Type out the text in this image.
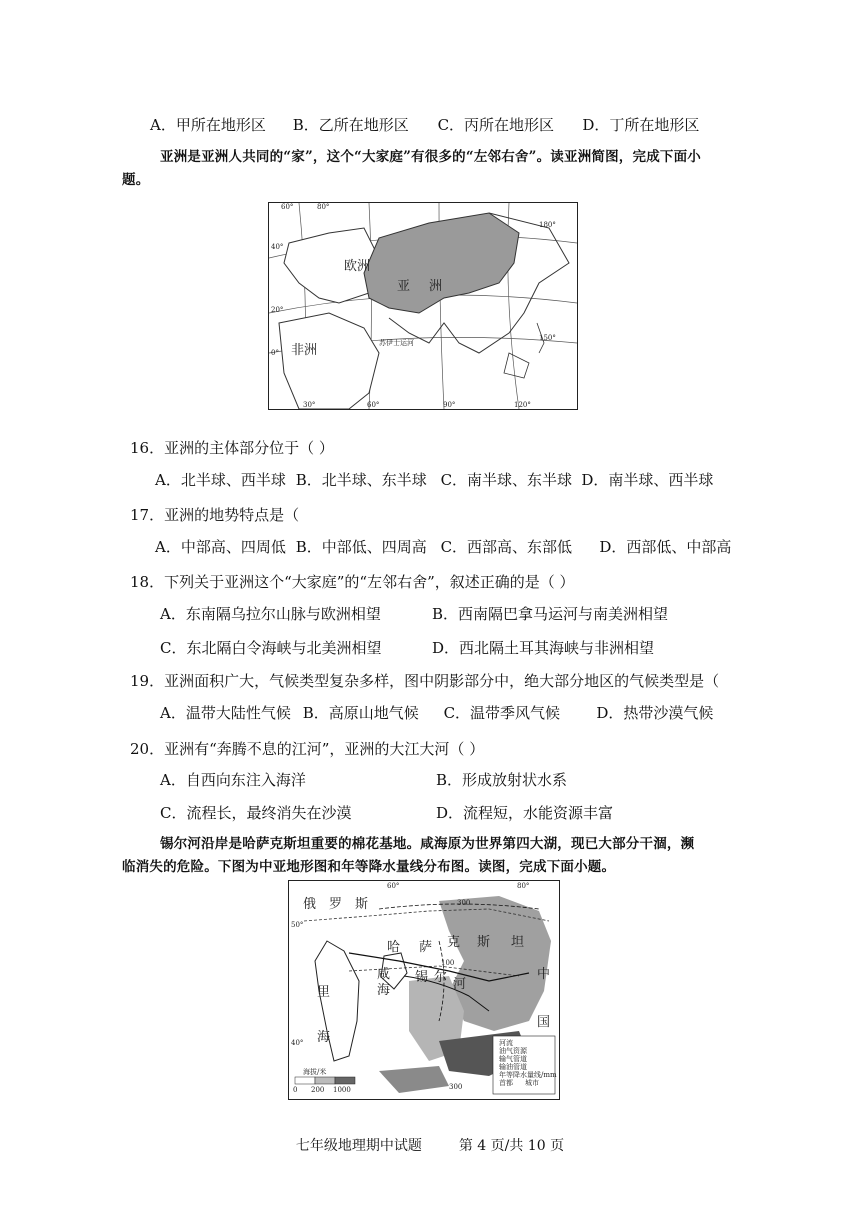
A．甲所在地形区 B．乙所在地形区 C．丙所在地形区 D．丁所在地形区
亚洲是亚洲人共同的“家”，这个“大家庭”有很多的“左邻右舍”。读亚洲简图，完成下面小
题。
欧洲
亚 洲
非洲	苏伊士运河
40°
20°
0°
180°
150°
60°	80°
30°	60°	90°	120°
16．亚洲的主体部分位于（ ）
A．北半球、西半球 B．北半球、东半球 C．南半球、东半球 D．南半球、西半球
17．亚洲的地势特点是（
A．中部高、四周低 B．中部低、四周高 C．西部高、东部低 D．西部低、中部高
18．下列关于亚洲这个“大家庭”的“左邻右舍”，叙述正确的是（ ）
A．东南隔乌拉尔山脉与欧洲相望	B．西南隔巴拿马运河与南美洲相望
C．东北隔白令海峡与北美洲相望	D．西北隔土耳其海峡与非洲相望
19．亚洲面积广大，气候类型复杂多样，图中阴影部分中，绝大部分地区的气候类型是（
A．温带大陆性气候 B．高原山地气候 C．温带季风气候 D．热带沙漠气候
20．亚洲有“奔腾不息的江河”，亚洲的大江大河（ ）
A．自西向东注入海洋	B．形成放射状水系
C．流程长，最终消失在沙漠	D．流程短，水能资源丰富
锡尔河沿岸是哈萨克斯坦重要的棉花基地。咸海原为世界第四大湖，现已大部分干涸，濒
临消失的危险。下图为中亚地形图和年等降水量线分布图。读图，完成下面小题。
俄 罗 斯
哈 萨 克 斯 坦
中
国
里
海
咸
海
锡 尔 河
300
100
300
50°
40°
60°	80°
海拔/米
0 200 1000
河流
油气资源
输气管道
输油管道
年等降水量线/mm
首都 城市
七年级地理期中试题	第 4 页/共 10 页
